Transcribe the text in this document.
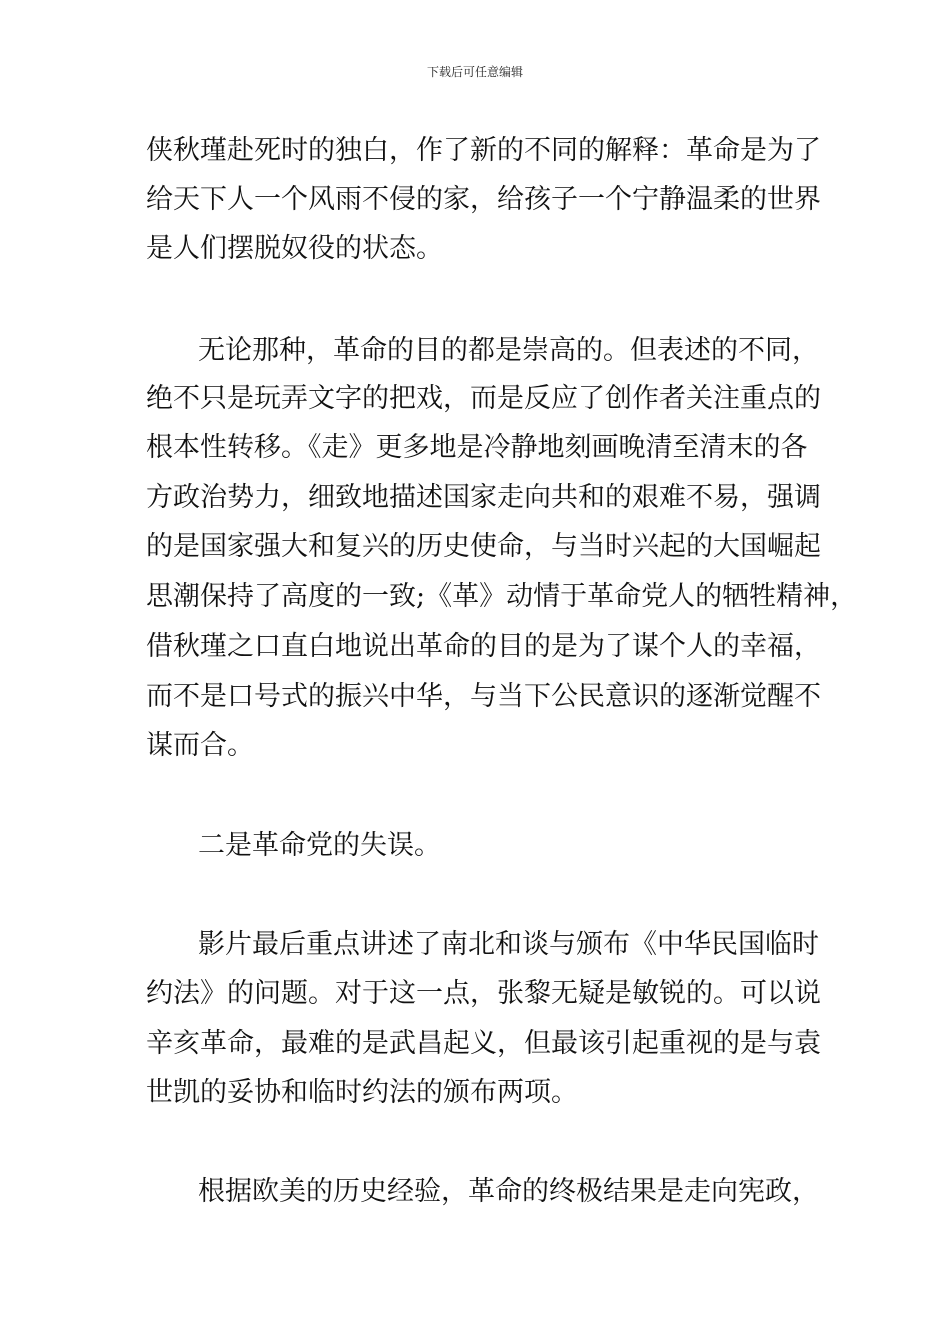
下载后可任意编辑
侠秋瑾赴死时的独白，作了新的不同的解释：革命是为了
给天下人一个风雨不侵的家，给孩子一个宁静温柔的世界
是人们摆脱奴役的状态。
无论那种，革命的目的都是崇高的。但表述的不同，
绝不只是玩弄文字的把戏，而是反应了创作者关注重点的
根本性转移。《走》更多地是冷静地刻画晚清至清末的各
方政治势力，细致地描述国家走向共和的艰难不易，强调
的是国家强大和复兴的历史使命，与当时兴起的大国崛起
思潮保持了高度的一致;《革》动情于革命党人的牺牲精神，
借秋瑾之口直白地说出革命的目的是为了谋个人的幸福，
而不是口号式的振兴中华，与当下公民意识的逐渐觉醒不
谋而合。
二是革命党的失误。
影片最后重点讲述了南北和谈与颁布《中华民国临时
约法》的问题。对于这一点，张黎无疑是敏锐的。可以说
辛亥革命，最难的是武昌起义，但最该引起重视的是与袁
世凯的妥协和临时约法的颁布两项。
根据欧美的历史经验，革命的终极结果是走向宪政，
